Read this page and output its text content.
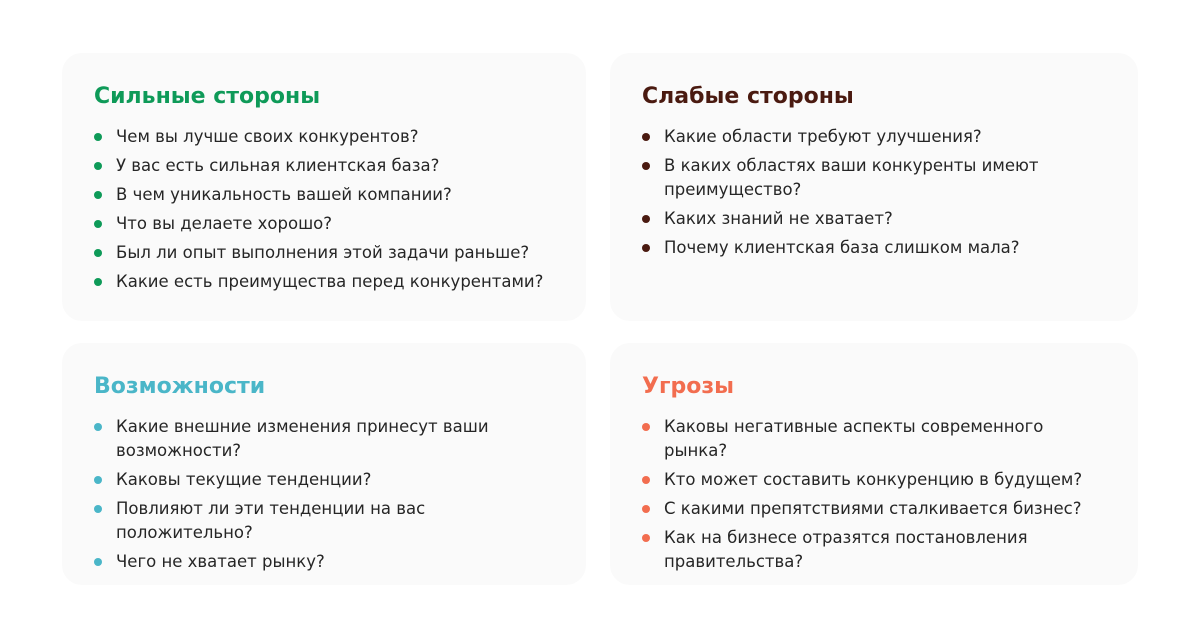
Сильные стороны
Чем вы лучше своих конкурентов?
У вас есть сильная клиентская база?
В чем уникальность вашей компании?
Что вы делаете хорошо?
Был ли опыт выполнения этой задачи раньше?
Какие есть преимущества перед конкурентами?
Слабые стороны
Какие области требуют улучшения?
В каких областях ваши конкуренты имеют преимущество?
Каких знаний не хватает?
Почему клиентская база слишком мала?
Возможности
Какие внешние изменения принесут ваши возможности?
Каковы текущие тенденции?
Повлияют ли эти тенденции на вас положительно?
Чего не хватает рынку?
Угрозы
Каковы негативные аспекты современного рынка?
Кто может составить конкуренцию в будущем?
С какими препятствиями сталкивается бизнес?
Как на бизнесе отразятся постановления правительства?
